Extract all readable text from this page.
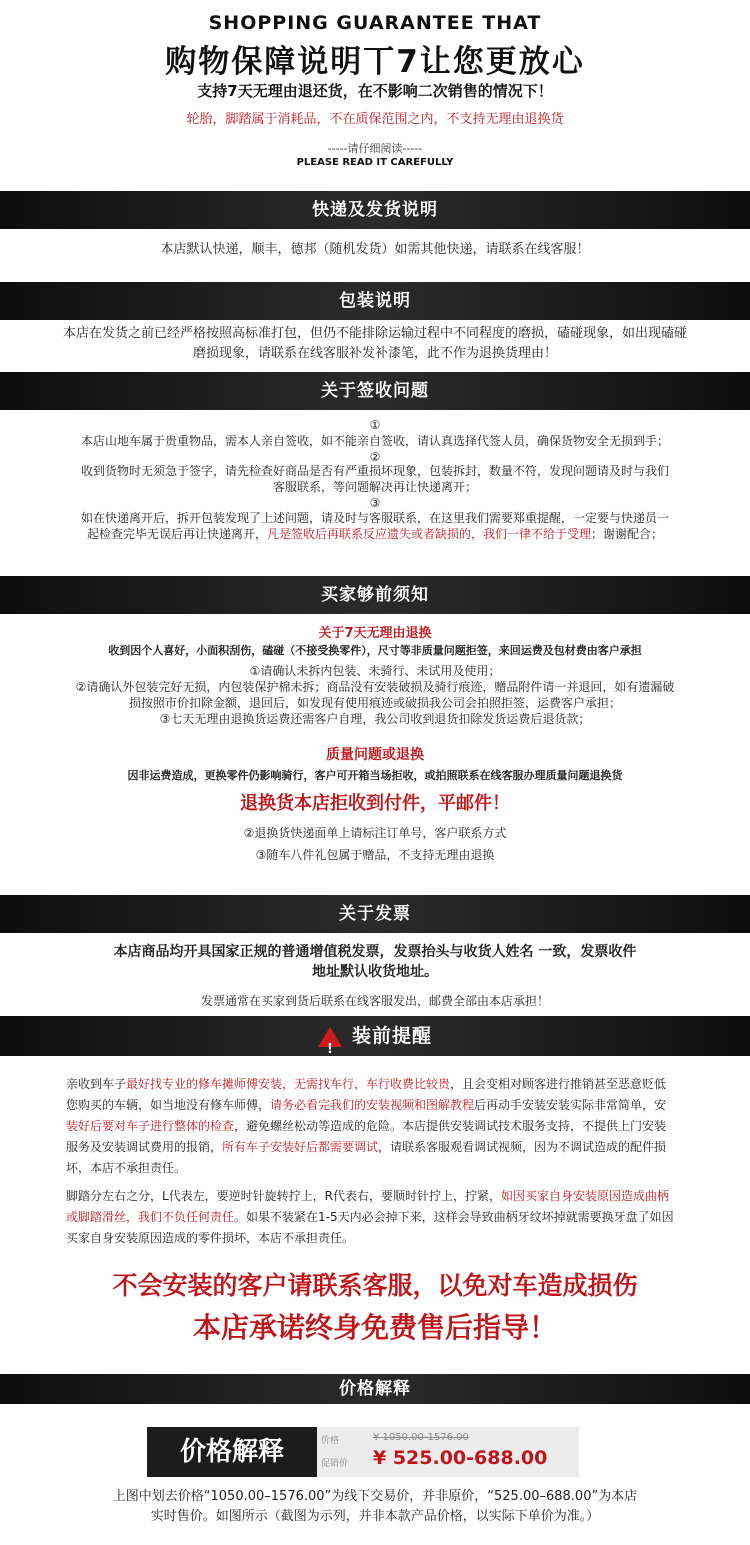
SHOPPING GUARANTEE THAT
购物保障说明丅7让您更放心
支持7天无理由退还货，在不影响二次销售的情况下！
轮胎，脚踏属于消耗品，不在质保范围之内，不支持无理由退换货
-----请仔细阅读-----
PLEASE READ IT CAREFULLY
快递及发货说明
本店默认快递，顺丰，德邦（随机发货）如需其他快递，请联系在线客服！
包装说明
本店在发货之前已经严格按照高标准打包，但仍不能排除运输过程中不同程度的磨损，磕碰现象，如出现磕碰
磨损现象，请联系在线客服补发补漆笔，此不作为退换货理由！
关于签收问题
①
本店山地车属于贵重物品，需本人亲自签收，如不能亲自签收，请认真选择代签人员，确保货物安全无损到手；
②
收到货物时无须急于签字，请先检查好商品是否有严重损坏现象，包装拆封，数量不符，发现问题请及时与我们
客服联系，等问题解决再让快递离开；
③
如在快递离开后，拆开包装发现了上述问题，请及时与客服联系，在这里我们需要郑重提醒，一定要与快递员一
起检查完毕无误后再让快递离开，凡是签收后再联系反应遗失或者缺损的，我们一律不给于受理；谢谢配合；
买家够前须知
关于7天无理由退换
收到因个人喜好，小面积刮伤，磕碰（不接受换零件），尺寸等非质量问题拒签，来回运费及包材费由客户承担
①请确认未拆内包装、未骑行、未试用及使用；
②请确认外包装完好无损，内包装保护棉未拆；商品没有安装破损及骑行痕迹，赠品附件请一并退回，如有遗漏破
损按照市价扣除金额，退回后，如发现有使用痕迹或破损我公司会拍照拒签，运费客户承担；
③七天无理由退换货运费还需客户自理，我公司收到退货扣除发货运费后退货款；
质量问题或退换
因非运费造成，更换零件仍影响骑行，客户可开箱当场拒收，或拍照联系在线客服办理质量问题退换货
退换货本店拒收到付件，平邮件！
②退换货快递面单上请标注订单号，客户联系方式
③随车八件礼包属于赠品，不支持无理由退换
关于发票
本店商品均开具国家正规的普通增值税发票，发票抬头与收货人姓名 一致，发票收件
地址默认收货地址。
发票通常在买家到货后联系在线客服发出，邮费全部由本店承担！
!
装前提醒
亲收到车子最好找专业的修车摊师傅安装，无需找车行，车行收费比较贵，且会变相对顾客进行推销甚至恶意贬低
您购买的车辆，如当地没有修车师傅，请务必看完我们的安装视频和图解教程后再动手安装安装实际非常简单，安
装好后要对车子进行整体的检查，避免螺丝松动等造成的危险。本店提供安装调试技术服务支持，不提供上门安装
服务及安装调试费用的报销，所有车子安装好后都需要调试，请联系客服观看调试视频，因为不调试造成的配件损
坏，本店不承担责任。
脚踏分左右之分，L代表左，要逆时针旋转拧上，R代表右，要顺时针拧上，拧紧，如因买家自身安装原因造成曲柄
或脚踏滑丝，我们不负任何责任。如果不装紧在1-5天内必会掉下来，这样会导致曲柄牙纹坏掉就需要换牙盘了如因
买家自身安装原因造成的零件损坏，本店不承担责任。
不会安装的客户请联系客服，以免对车造成损伤
本店承诺终身免费售后指导！
价格解释
价格解释	价格	¥ 1050.00-1576.00
促销价 ¥ 525.00-688.00
上图中划去价格“1050.00–1576.00”为线下交易价，并非原价，“525.00–688.00”为本店
实时售价。如图所示（截图为示列，并非本款产品价格，以实际下单价为准。）
